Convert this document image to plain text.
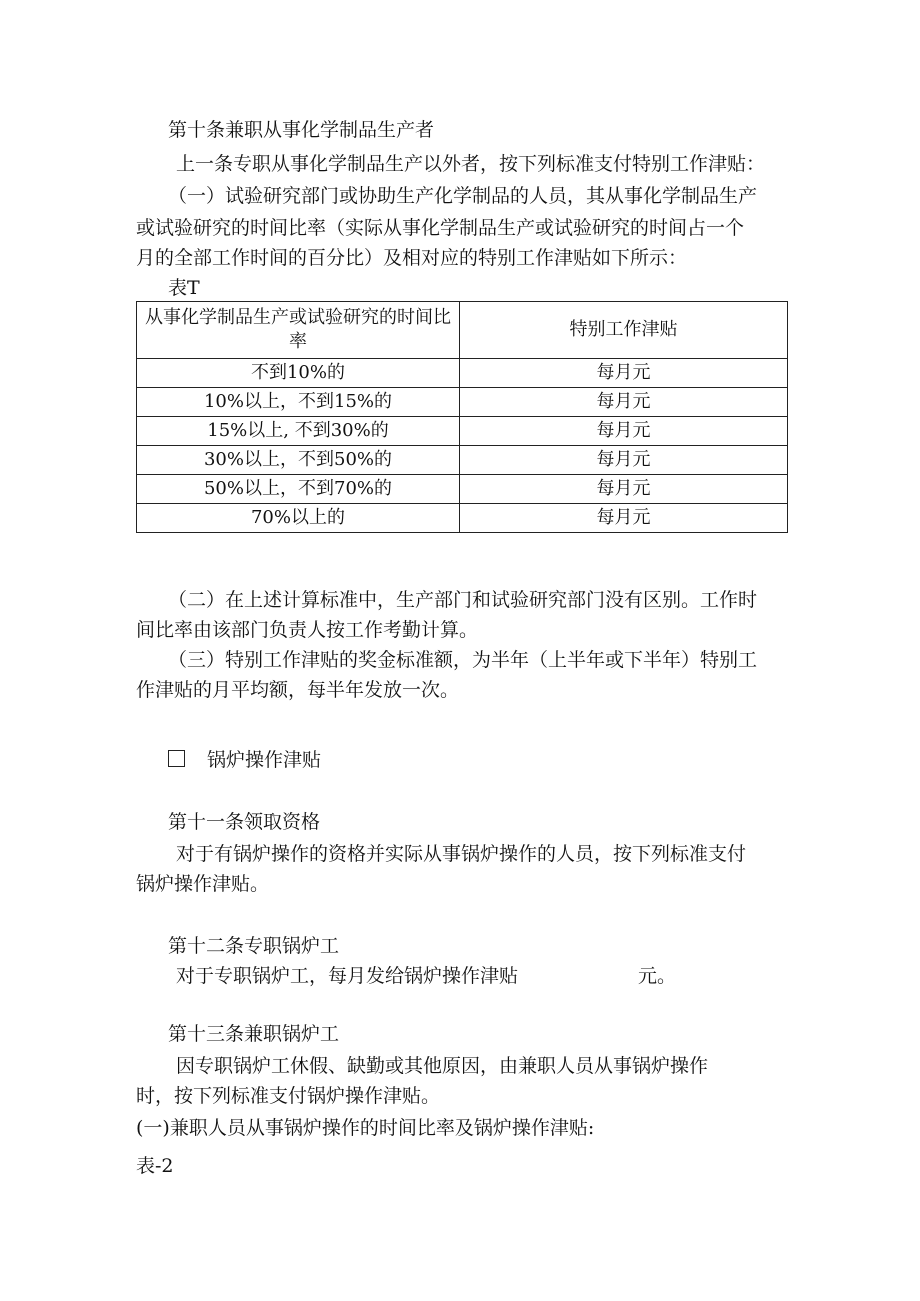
第十条兼职从事化学制品生产者
上一条专职从事化学制品生产以外者，按下列标准支付特别工作津贴：
（一）试验研究部门或协助生产化学制品的人员，其从事化学制品生产
或试验研究的时间比率（实际从事化学制品生产或试验研究的时间占一个
月的全部工作时间的百分比）及相对应的特别工作津贴如下所示：
表T
从事化学制品生产或试验研究的时间比率	特别工作津贴
不到10%的	每月元
10%以上，不到15%的	每月元
15%以上, 不到30%的	每月元
30%以上，不到50%的	每月元
50%以上，不到70%的	每月元
70%以上的	每月元
（二）在上述计算标准中，生产部门和试验研究部门没有区别。工作时
间比率由该部门负责人按工作考勤计算。
（三）特别工作津贴的奖金标准额，为半年（上半年或下半年）特别工
作津贴的月平均额，每半年发放一次。
锅炉操作津贴
第十一条领取资格
对于有锅炉操作的资格并实际从事锅炉操作的人员，按下列标准支付
锅炉操作津贴。
第十二条专职锅炉工
对于专职锅炉工，每月发给锅炉操作津贴	元。
第十三条兼职锅炉工
因专职锅炉工休假、缺勤或其他原因，由兼职人员从事锅炉操作
时，按下列标准支付锅炉操作津贴。
(一)兼职人员从事锅炉操作的时间比率及锅炉操作津贴:
表-2
